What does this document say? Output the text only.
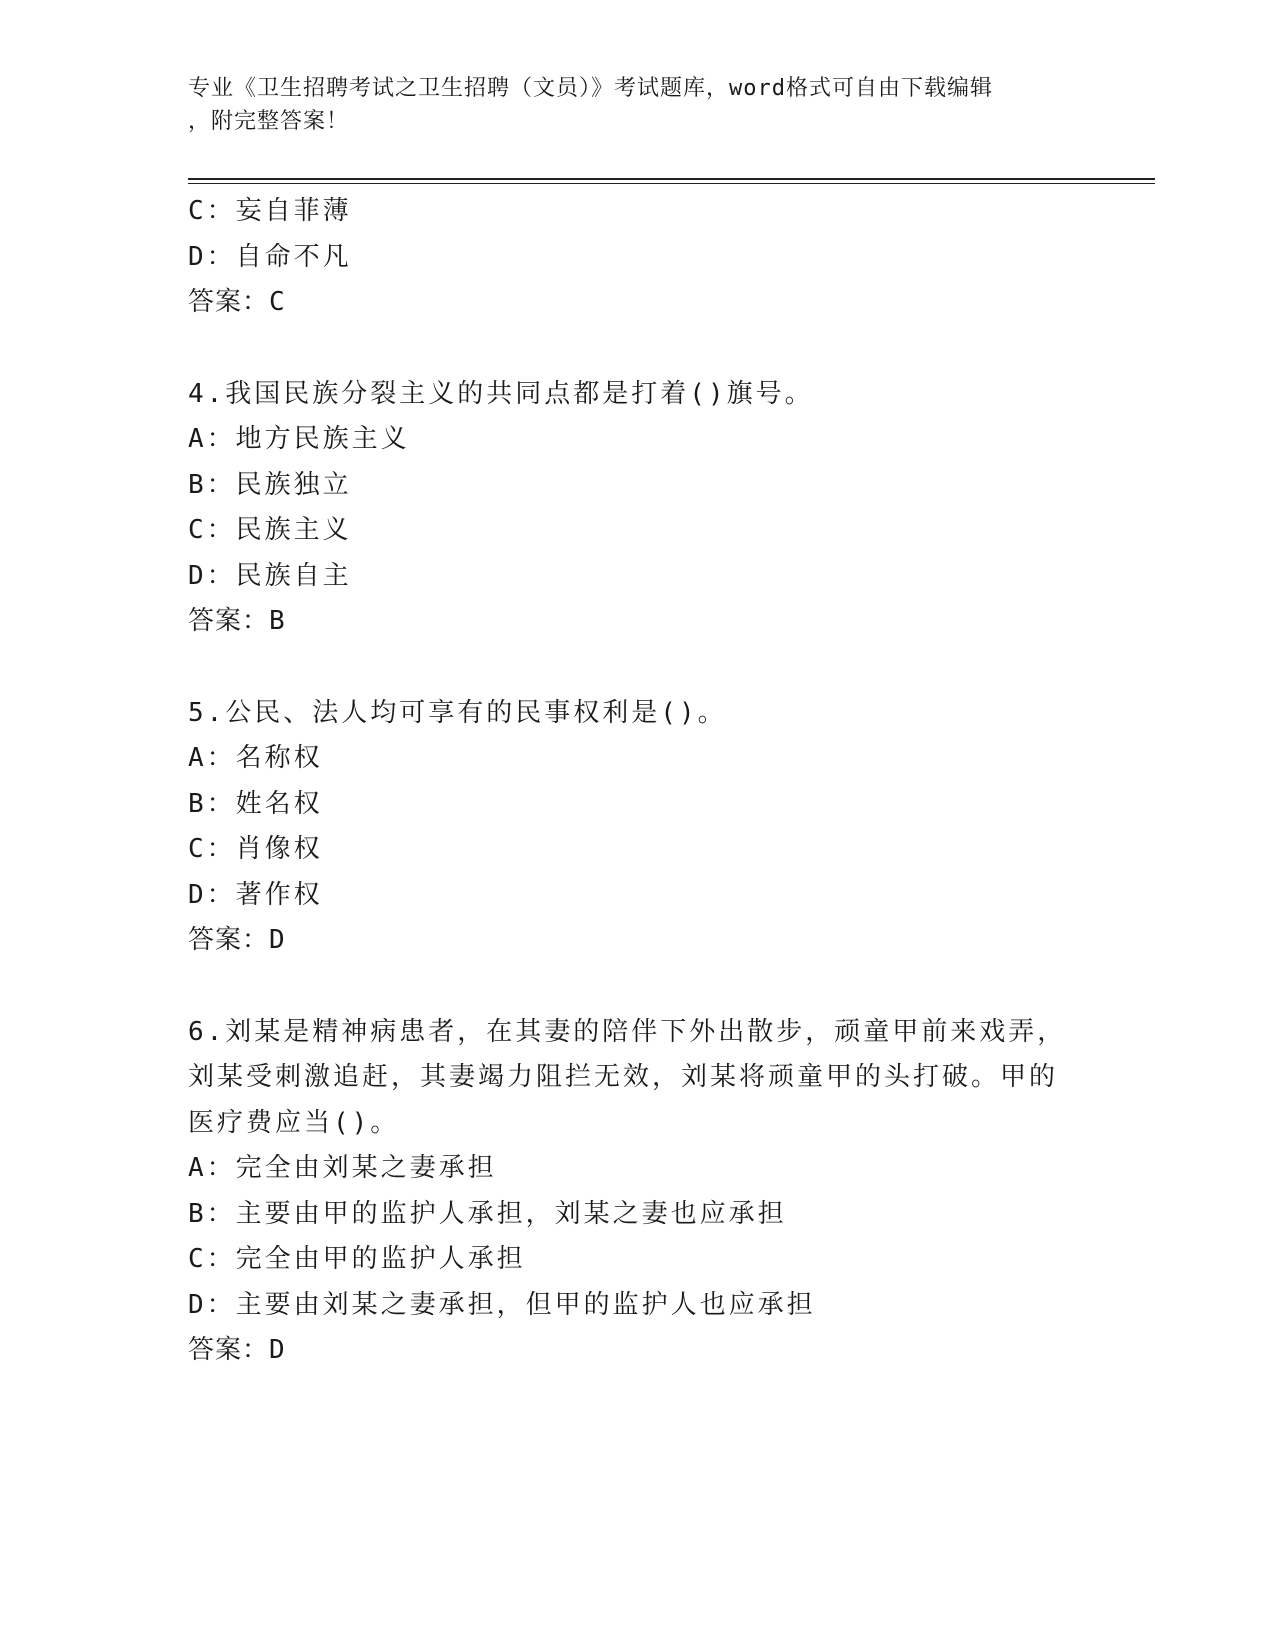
专业《卫生招聘考试之卫生招聘（文员）》考试题库，word格式可自由下载编辑
，附完整答案！
C：妄自菲薄
D：自命不凡
答案：C
4.我国民族分裂主义的共同点都是打着()旗号。
A：地方民族主义
B：民族独立
C：民族主义
D：民族自主
答案：B
5.公民、法人均可享有的民事权利是()。
A：名称权
B：姓名权
C：肖像权
D：著作权
答案：D
6.刘某是精神病患者，在其妻的陪伴下外出散步，顽童甲前来戏弄，
刘某受刺激追赶，其妻竭力阻拦无效，刘某将顽童甲的头打破。甲的
医疗费应当()。
A：完全由刘某之妻承担
B：主要由甲的监护人承担，刘某之妻也应承担
C：完全由甲的监护人承担
D：主要由刘某之妻承担，但甲的监护人也应承担
答案：D
